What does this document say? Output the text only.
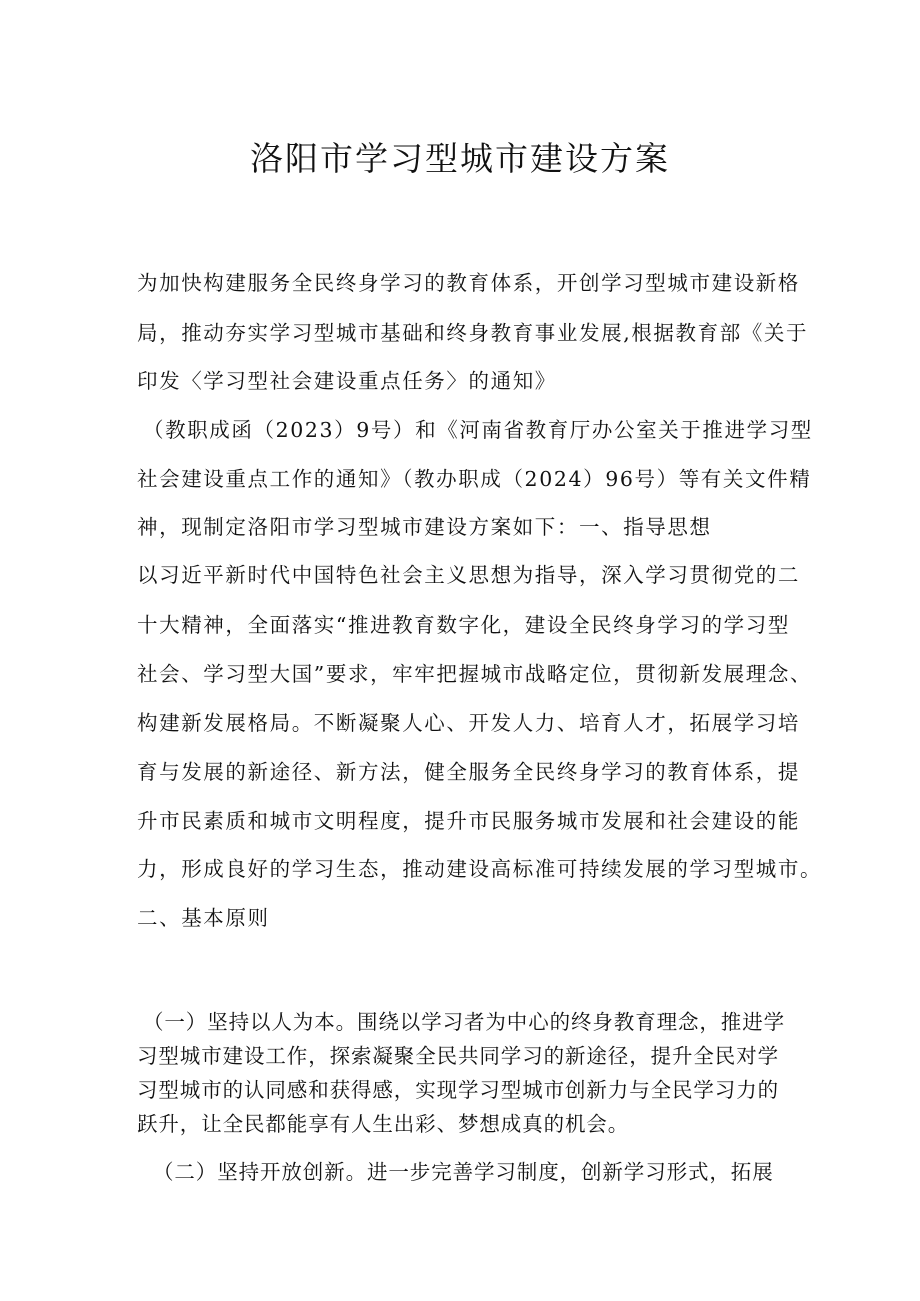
洛阳市学习型城市建设方案

为加快构建服务全民终身学习的教育体系，开创学习型城市建设新格

局，推动夯实学习型城市基础和终身教育事业发展,根据教育部《关于

印发〈学习型社会建设重点任务〉的通知》

（教职成函（2023）9号）和《河南省教育厅办公室关于推进学习型

社会建设重点工作的通知》（教办职成（2024）96号）等有关文件精

神，现制定洛阳市学习型城市建设方案如下：一、指导思想

以习近平新时代中国特色社会主义思想为指导，深入学习贯彻党的二

十大精神，全面落实“推进教育数字化，建设全民终身学习的学习型

社会、学习型大国”要求，牢牢把握城市战略定位，贯彻新发展理念、

构建新发展格局。不断凝聚人心、开发人力、培育人才，拓展学习培

育与发展的新途径、新方法，健全服务全民终身学习的教育体系，提

升市民素质和城市文明程度，提升市民服务城市发展和社会建设的能

力，形成良好的学习生态，推动建设高标准可持续发展的学习型城市。

二、基本原则

（一）坚持以人为本。围绕以学习者为中心的终身教育理念，推进学

习型城市建设工作，探索凝聚全民共同学习的新途径，提升全民对学

习型城市的认同感和获得感，实现学习型城市创新力与全民学习力的

跃升，让全民都能享有人生出彩、梦想成真的机会。

（二）坚持开放创新。进一步完善学习制度，创新学习形式，拓展
